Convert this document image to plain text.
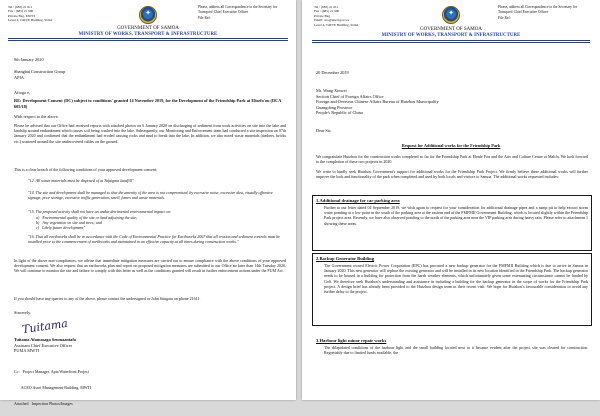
Tel : (685) 21 611
Fax : (685) 21 990
Private Bag, MWTI
Level 4, TATTE Building, SOGI
Please, address all Correspondence to the Secretary for Transport/ Chief Executive Officer
File Ref:
✦
GOVERNMENT OF SAMOA
MINISTRY OF WORKS, TRANSPORT & INFRASTRUCTURE
9th January 2020
Shanghai Construction Group
APIA
Afioga e,
RE: Development Consent (DC) subject to conditions' granted 14 November 2019, for the Development of the Friendship Park at Elisefo'ou (DCA 605/18)
With respect to the above.
Please be advised that our Office had received reports with attached photos on 6 January 2020 on discharging of sediment from work activities on site into the lake and landslip around embankment which causes soil being washed into the lake. Subsequently, our Monitoring and Enforcement team had conducted a site inspection on 07th January 2020 and confirmed that the embankment had eroded causing rocks and mud to break into the lake. In addition, we also noted waste materials (timbers, bricks etc.) scattered around the site undiscovered cables on the ground.
This is a clear breach of the following conditions of your approved development consent;
"12. All waste materials must be disposed of at Tafaigata landfill"
"14. The site and development shall be managed so that the amenity of the area is not compromised, by excessive noise, excessive dust, visually offensive signage, poor storage, excessive traffic generation, smell, fumes and waste materials.
"15. The proposed activity shall not have an undue detrimental environmental impact on:
a) Environmental quality of the site or land adjoining the site;
b) Any vegetation on site and trees; and
c) Likely future development"
"16. That all earthworks shall be in accordance with the Code of Environmental Practice for Earthworks 2007 that all erosion and sediment controls must be installed prior to the commencement of earthworks and maintained in an effective capacity at all times during construction works."
In light of the above non-compliances, we advise that immediate mitigation measures are carried out to ensure compliance with the above conditions of your approved development consent. We also request that an earthworks plan and report on proposed mitigation measures are submitted to our Office no later than 14th Tuesday 2020. We will continue to monitor the site and failure to comply with this letter as well as the conditions granted will result in further enforcement actions under the PUM Act.
If you should have any queries to any of the above, please contact the undersigned or John Situgata on phone 21611.
Sincerely,
Tuitama
Tuitama Afamasaga Seumaantafa
Assistant Chief Executive Officer
PUMA MWTI

Cc:   Project Manager, Apia Waterfront Project

ACEO Asset Management Building, MWTI

Attached   Inspection Photos/Images

Tel : (685) 21 611
Fax : (685) 21 990
Private Bag
Email: ceo@mwti.gov.ws
Level 4, TATTE Building, SOGI
Please, address all Correspondence to the Secretary for Transport/ Chief Executive Officer
File Ref:
✦
GOVERNMENT OF SAMOA
MINISTRY OF WORKS, TRANSPORT & INFRASTRUCTURE
20 December 2019
Mr. Wang Xinwei
Section Chief of Foreign Affairs Office
Foreign and Overseas Chinese Affairs Bureau of Huizhou Municipality
Guangdong Province
People's Republic of China
Dear Sir,
Request for Additional works for the Friendship Park
We congratulate Huizhou for the construction works completed so far for the Friendship Park at Elenle Fou and the Arts and Culture Centre at Malifa. We look forward to the completion of these two projects in 2020.
We write to kindly seek Huizhou Government's support for additional works for the Friendship Park Project. We firmly believe these additional works will further improve the look and functionality of the park when completed and used by both locals and visitors to Samoa. The additional works requested includes:
1.Additional drainage for car parking area
Further to our letter dated 04 September 2019, we wish again to request for your consideration for additional drainage pipes and a sump pit to help extract storm water ponding at a low point in the south of the parking area at the eastern end of the FMFMII Government Building, which is located slightly within the Friendship Park project area. Recently, we have also observed ponding to the north of the parking area near the VIP parking area during heavy rain. Please refer to attachment 1 showing these areas.
2.Backup Generator Building
The Government owned Electric Power Corporation (EPC) has procured a new backup generator for the FMFMII Building which is due to arrive in Samoa in January 2020. This new generator will replace the existing generator and will be installed in its new location identified in the Friendship Park. The backup generator needs to be housed in a building for protection from the harsh weather elements, which unfortunately given some extenuating circumstance cannot be funded by GoS. We therefore seek Huizhou's understanding and assistance in including a building for the backup generator in the scope of works for the Friendship Park project. A design brief has already been provided to the Huizhou design team in their recent visit. We hope for Huizhou's favourable consideration to avoid any further delay to the project.
3.Harbour light minor repair works
The dilapidated conditions of the harbour light and the small building located next to it became evident after the project site was cleared for construction. Regrettably due to limited funds available, the
